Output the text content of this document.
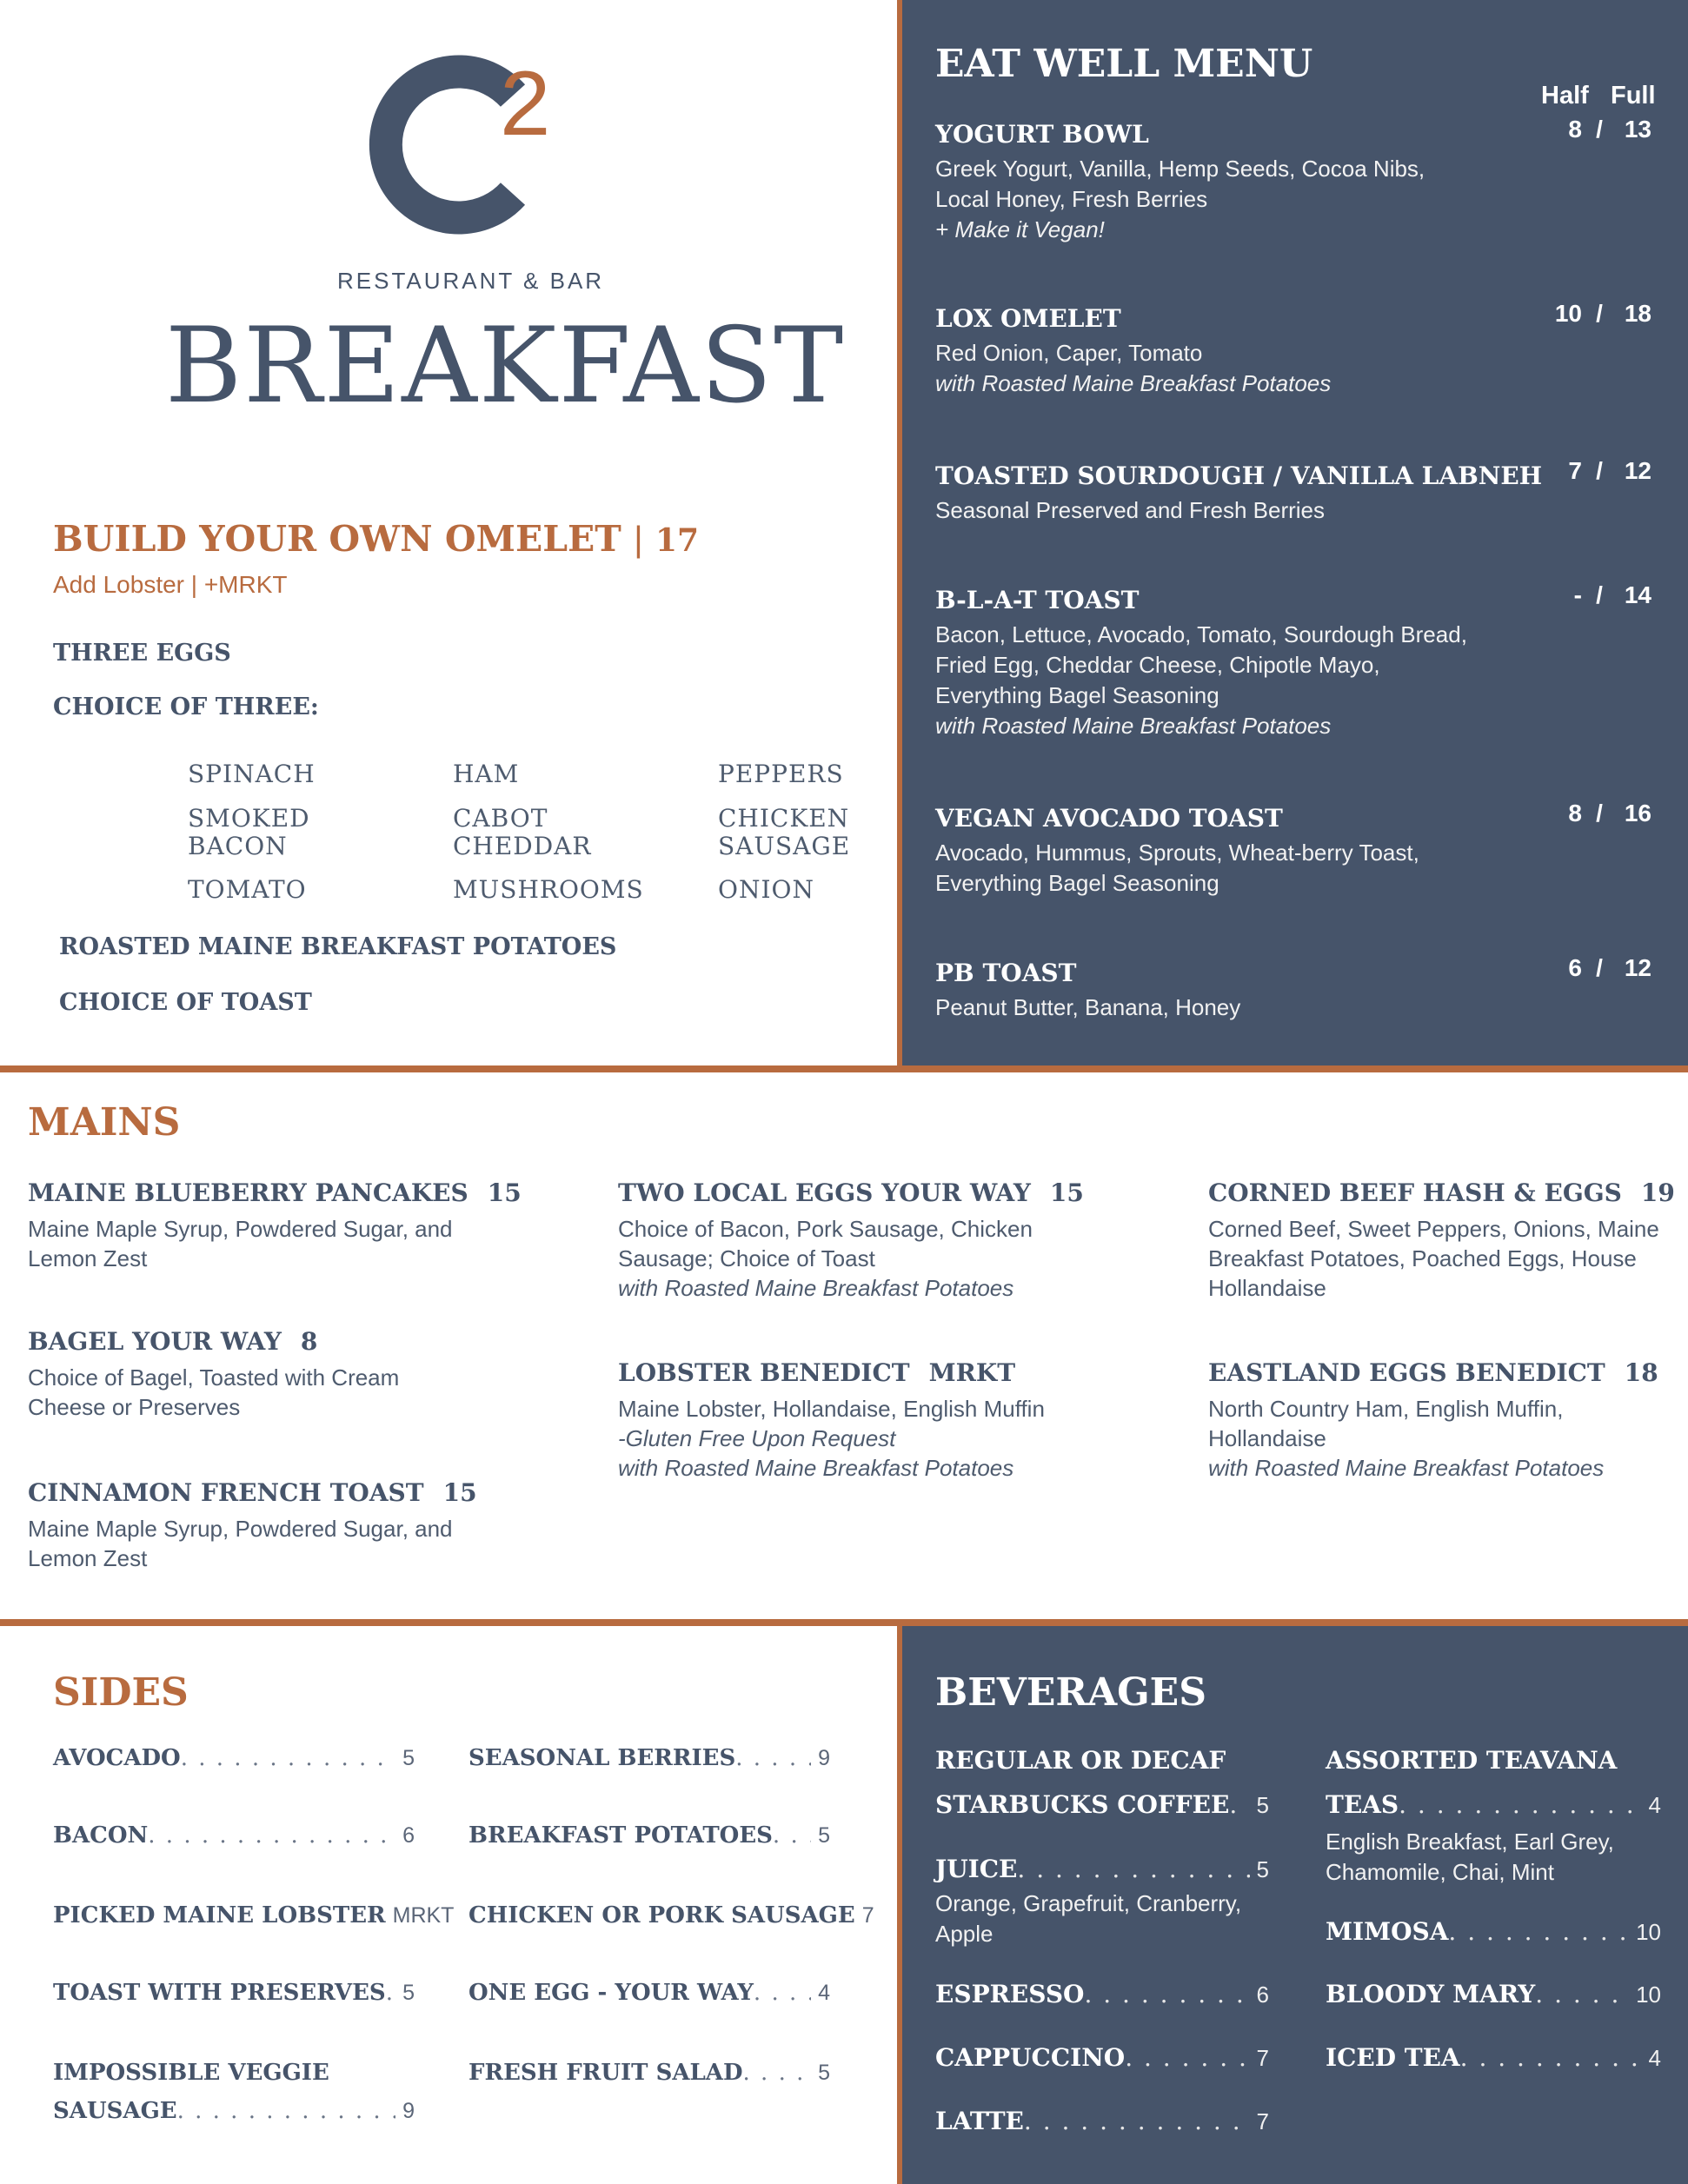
2
RESTAURANT & BAR
BREAKFAST
BUILD YOUR OWN OMELET | 17
Add Lobster | +MRKT
THREE EGGS
CHOICE OF THREE:
SPINACH	HAM	PEPPERS
SMOKED	CABOT	CHICKEN
BACON	CHEDDAR	SAUSAGE
TOMATO	MUSHROOMS	ONION
ROASTED MAINE BREAKFAST POTATOES
CHOICE OF TOAST
EAT WELL MENU
Half Full
YOGURT BOWL
Greek Yogurt, Vanilla, Hemp Seeds, Cocoa Nibs,
Local Honey, Fresh Berries
+ Make it Vegan!
8 / 13
LOX OMELET
Red Onion, Caper, Tomato
with Roasted Maine Breakfast Potatoes
10 / 18
TOASTED SOURDOUGH / VANILLA LABNEH
Seasonal Preserved and Fresh Berries
7 / 12
B-L-A-T TOAST
Bacon, Lettuce, Avocado, Tomato, Sourdough Bread,
Fried Egg, Cheddar Cheese, Chipotle Mayo,
Everything Bagel Seasoning
with Roasted Maine Breakfast Potatoes
- / 14
VEGAN AVOCADO TOAST
Avocado, Hummus, Sprouts, Wheat-berry Toast,
Everything Bagel Seasoning
8 / 16
PB TOAST
Peanut Butter, Banana, Honey
6 / 12
MAINS
MAINE BLUEBERRY PANCAKES 15
Maine Maple Syrup, Powdered Sugar, and
Lemon Zest
BAGEL YOUR WAY 8
Choice of Bagel, Toasted with Cream
Cheese or Preserves
CINNAMON FRENCH TOAST 15
Maine Maple Syrup, Powdered Sugar, and
Lemon Zest
TWO LOCAL EGGS YOUR WAY 15
Choice of Bacon, Pork Sausage, Chicken
Sausage; Choice of Toast
with Roasted Maine Breakfast Potatoes
LOBSTER BENEDICT MRKT
Maine Lobster, Hollandaise, English Muffin
-Gluten Free Upon Request
with Roasted Maine Breakfast Potatoes
CORNED BEEF HASH & EGGS 19
Corned Beef, Sweet Peppers, Onions, Maine
Breakfast Potatoes, Poached Eggs, House
Hollandaise
EASTLAND EGGS BENEDICT 18
North Country Ham, English Muffin,
Hollandaise
with Roasted Maine Breakfast Potatoes
SIDES
AVOCADO . . .	5
BACON . . .	6
PICKED MAINE LOBSTER MRKT
TOAST WITH PRESERVES . . . 5
IMPOSSIBLE VEGGIE
SAUSAGE . . .	9
SEASONAL BERRIES . . .	9
BREAKFAST POTATOES . . .	5
CHICKEN OR PORK SAUSAGE 7
ONE EGG - YOUR WAY . . .	4
FRESH FRUIT SALAD . . .	5
BEVERAGES
REGULAR OR DECAF
STARBUCKS COFFEE . . .	5
JUICE . . .	5
Orange, Grapefruit, Cranberry,
Apple
ESPRESSO . . .	6
CAPPUCCINO . . .	7
LATTE . . .	7
ASSORTED TEAVANA
TEAS . . .	4
English Breakfast, Earl Grey,
Chamomile, Chai, Mint
MIMOSA . . .	10
BLOODY MARY . . .	10
ICED TEA . . .	4
